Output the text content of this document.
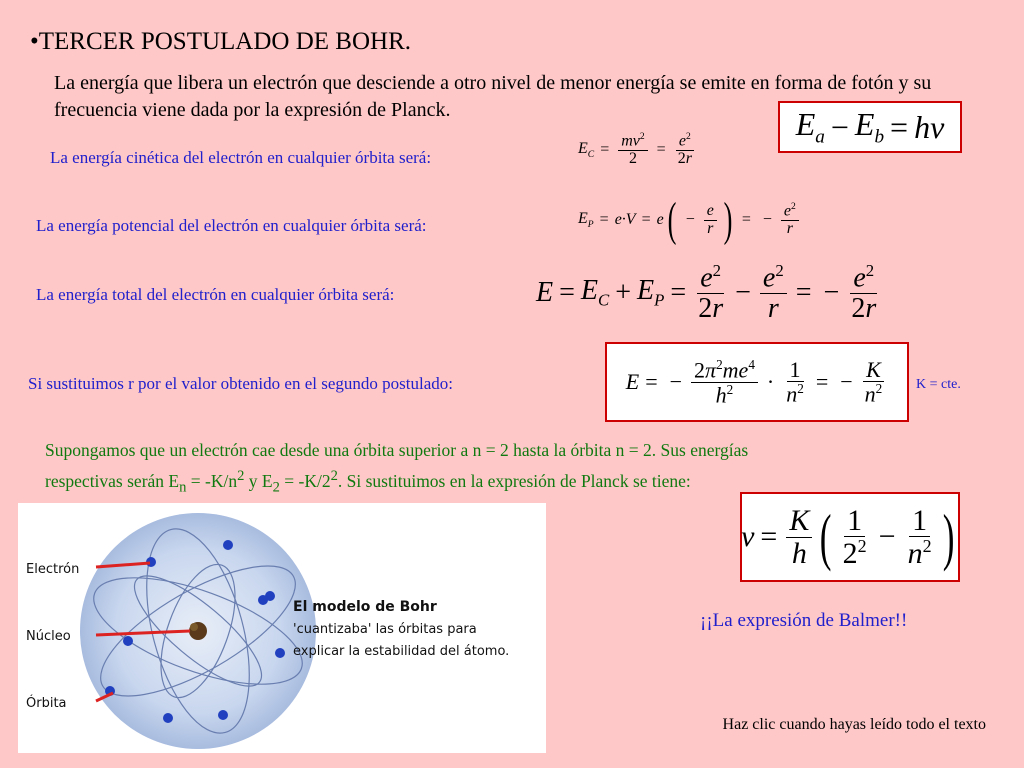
•TERCER POSTULADO DE BOHR.
La energía que libera un electrón que desciende a otro nivel de menor energía se emite en forma de fotón y su frecuencia viene dada por la expresión de Planck.	$E_a - E_b = h\nu$
La energía cinética del electrón en cualquier órbita será:	$E_C = \frac{mv^2}{2} = \frac{e^2}{2r}$
La energía potencial del electrón en cualquier órbita será:	$E_P = e\cdot V = e$ ( − $\frac{e}{r}$ ) = − $\frac{e^2}{r}$
La energía total del electrón en cualquier órbita será:	$E = E_C + E_P = \frac{e^2}{2r} - \frac{e^2}{r}$ = − $\frac{e^2}{2r}$
Si sustituimos r por el valor obtenido en el segundo postulado:	E = − $\frac{2\pi^2me^4}{h^2} \cdot \frac{1}{n^2}$ = − $\frac{K}{n^2}$ K = cte.
Supongamos que un electrón cae desde una órbita superior a n = 2 hasta la órbita n = 2. Sus energías
respectivas serán $E_n = -K/n^2$ y $E_2 = -K/2^2$. Si sustituimos en la expresión de Planck se tiene:
$\nu = \frac{K}{h}$ ( $\frac{1}{2^2} - \frac{1}{n^2}$ )
¡¡La expresión de Balmer!!
Electrón
Núcleo
Órbita
El modelo de Bohr
'cuantizaba' las órbitas para
explicar la estabilidad del átomo.
Haz clic cuando hayas leído todo el texto
